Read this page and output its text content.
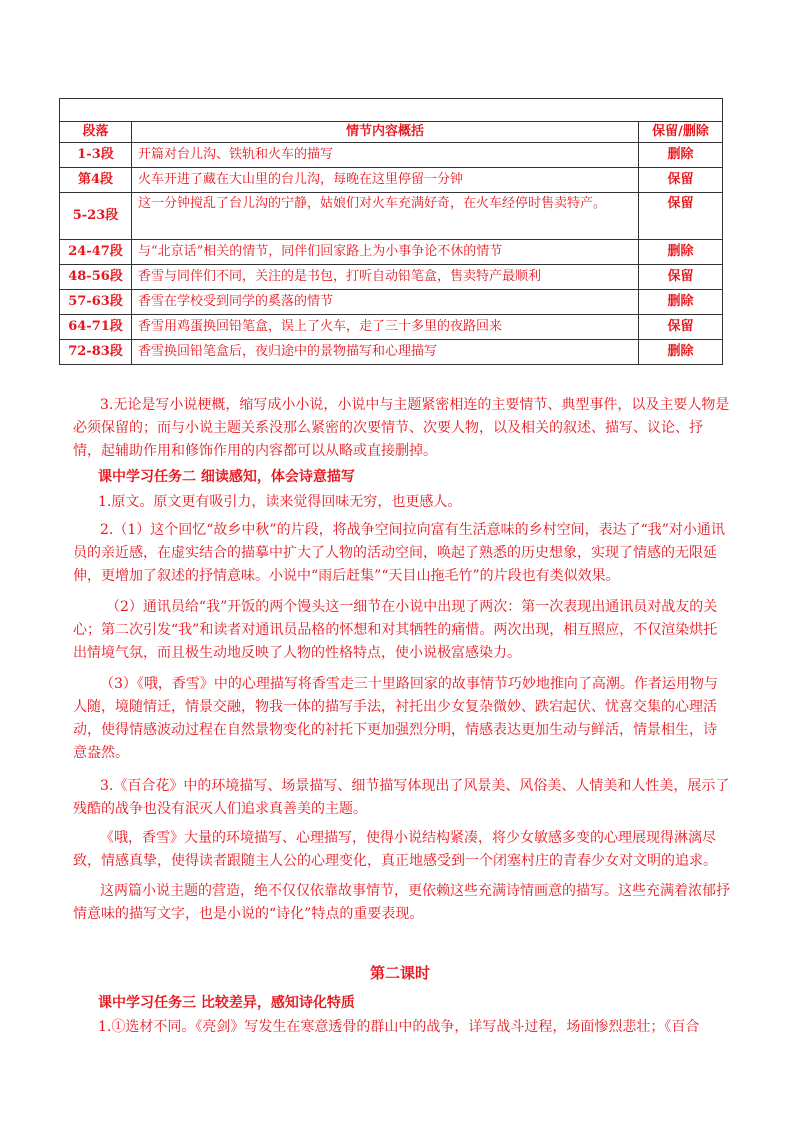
段落	情节内容概括	保留/删除
1-3段	开篇对台儿沟、铁轨和火车的描写	删除
第4段	火车开进了藏在大山里的台儿沟，每晚在这里停留一分钟	保留
5-23段	这一分钟搅乱了台儿沟的宁静，姑娘们对火车充满好奇，在火车经停时售卖特产。	保留
24-47段	与“北京话”相关的情节，同伴们回家路上为小事争论不休的情节	删除
48-56段	香雪与同伴们不同，关注的是书包，打听自动铅笔盒，售卖特产最顺利	保留
57-63段	香雪在学校受到同学的奚落的情节	删除
64-71段	香雪用鸡蛋换回铅笔盒，误上了火车，走了三十多里的夜路回来	保留
72-83段	香雪换回铅笔盒后，夜归途中的景物描写和心理描写	删除
3.无论是写小说梗概，缩写成小小说，小说中与主题紧密相连的主要情节、典型事件，以及主要人物是必须保留的；而与小说主题关系没那么紧密的次要情节、次要人物，以及相关的叙述、描写、议论、抒情，起辅助作用和修饰作用的内容都可以从略或直接删掉。
课中学习任务二 细读感知，体会诗意描写
1.原文。原文更有吸引力，读来觉得回味无穷，也更感人。
2.（1）这个回忆“故乡中秋”的片段，将战争空间拉向富有生活意味的乡村空间，表达了“我”对小通讯员的亲近感，在虚实结合的描摹中扩大了人物的活动空间，唤起了熟悉的历史想象，实现了情感的无限延伸，更增加了叙述的抒情意味。小说中“雨后赶集”“天目山拖毛竹”的片段也有类似效果。
（2）通讯员给“我”开饭的两个馒头这一细节在小说中出现了两次：第一次表现出通讯员对战友的关心；第二次引发“我”和读者对通讯员品格的怀想和对其牺牲的痛惜。两次出现，相互照应，不仅渲染烘托出情境气氛，而且极生动地反映了人物的性格特点，使小说极富感染力。
（3）《哦，香雪》中的心理描写将香雪走三十里路回家的故事情节巧妙地推向了高潮。作者运用物与人随，境随情迁，情景交融，物我一体的描写手法，衬托出少女复杂微妙、跌宕起伏、忧喜交集的心理活动，使得情感波动过程在自然景物变化的衬托下更加强烈分明，情感表达更加生动与鲜活，情景相生，诗意盎然。
3.《百合花》中的环境描写、场景描写、细节描写体现出了风景美、风俗美、人情美和人性美，展示了残酷的战争也没有泯灭人们追求真善美的主题。
《哦，香雪》大量的环境描写、心理描写，使得小说结构紧凑，将少女敏感多变的心理展现得淋漓尽致，情感真挚，使得读者跟随主人公的心理变化，真正地感受到一个闭塞村庄的青春少女对文明的追求。
这两篇小说主题的营造，绝不仅仅依靠故事情节，更依赖这些充满诗情画意的描写。这些充满着浓郁抒情意味的描写文字，也是小说的“诗化”特点的重要表现。
第二课时
课中学习任务三 比较差异，感知诗化特质
1.①选材不同。《亮剑》写发生在寒意透骨的群山中的战争，详写战斗过程，场面惨烈悲壮；《百合
